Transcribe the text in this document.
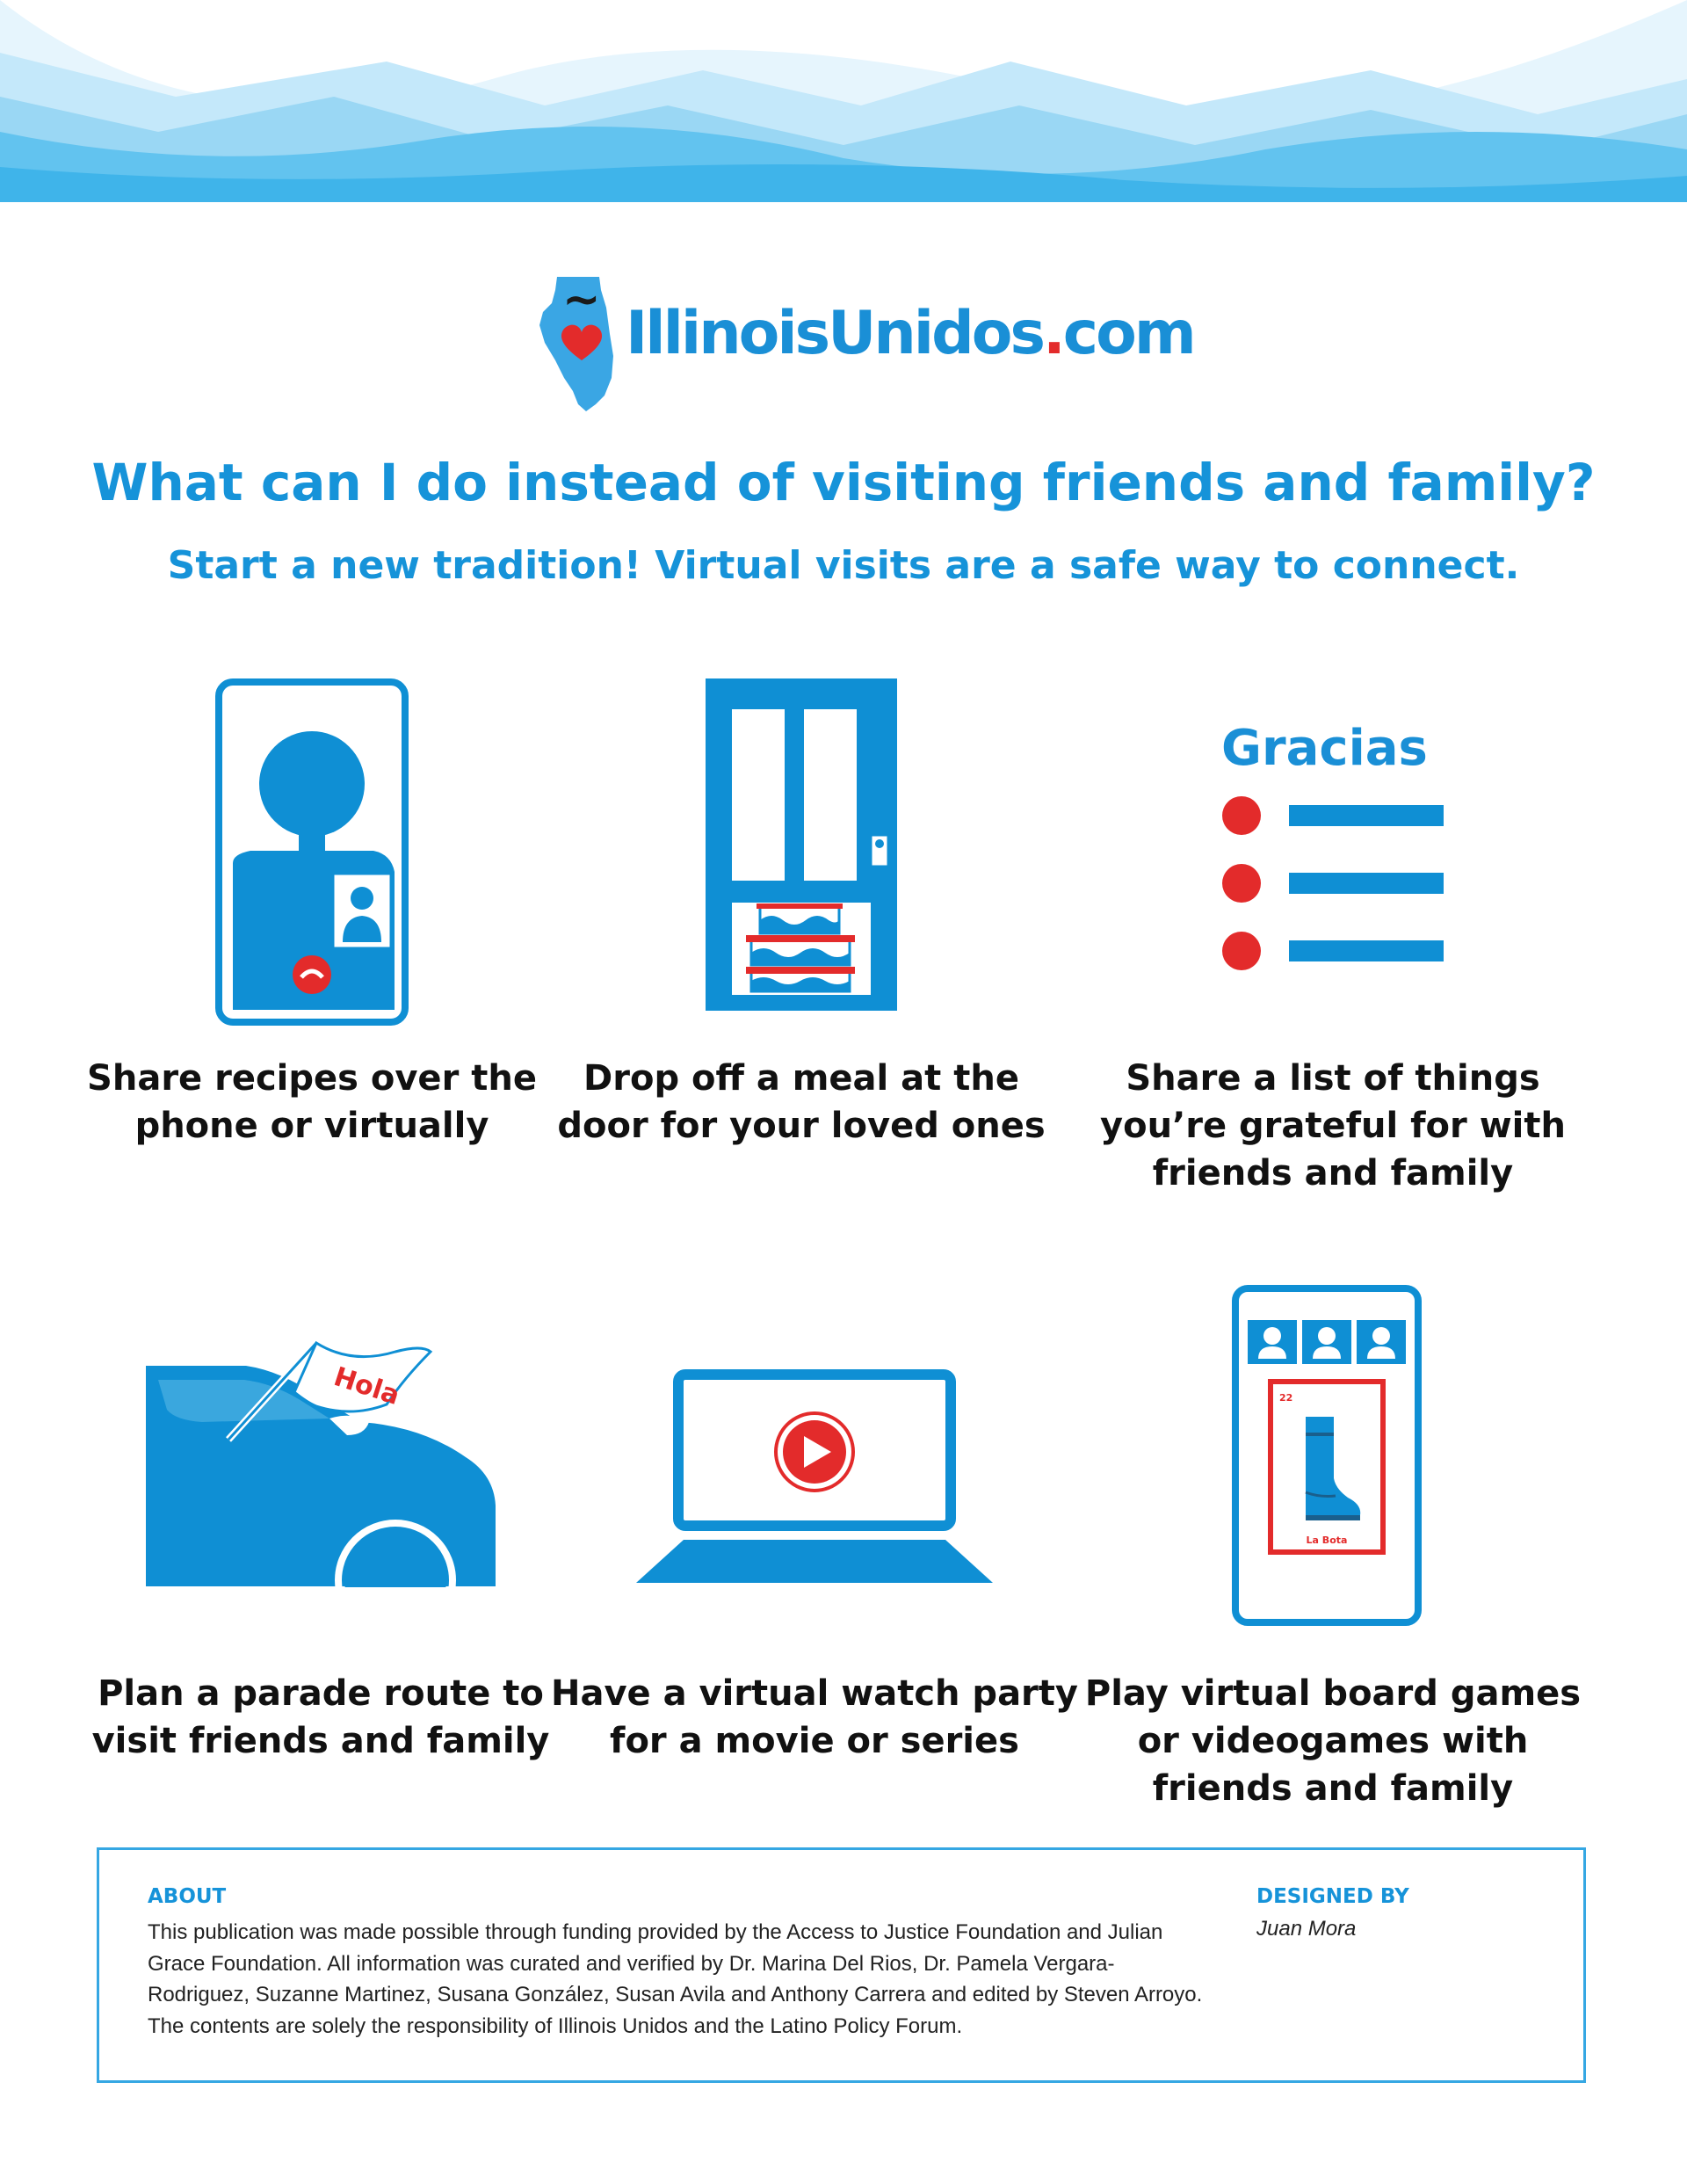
~ IllinoisUnidos.com
What can I do instead of visiting friends and family?
Start a new tradition! Virtual visits are a safe way to connect.
Share recipes over the phone or virtually
Drop off a meal at the door for your loved ones
Gracias
Share a list of things you’re grateful for with friends and family
Hola
Plan a parade route to visit friends and family
Have a virtual watch party for a movie or series
22
La Bota
Play virtual board games or videogames with friends and family
ABOUT
This publication was made possible through funding provided by the Access to Justice Foundation and Julian Grace Foundation. All information was curated and verified by Dr. Marina Del Rios, Dr. Pamela Vergara-Rodriguez, Suzanne Martinez, Susana González, Susan Avila and Anthony Carrera and edited by Steven Arroyo. The contents are solely the responsibility of Illinois Unidos and the Latino Policy Forum.
DESIGNED BY
Juan Mora
